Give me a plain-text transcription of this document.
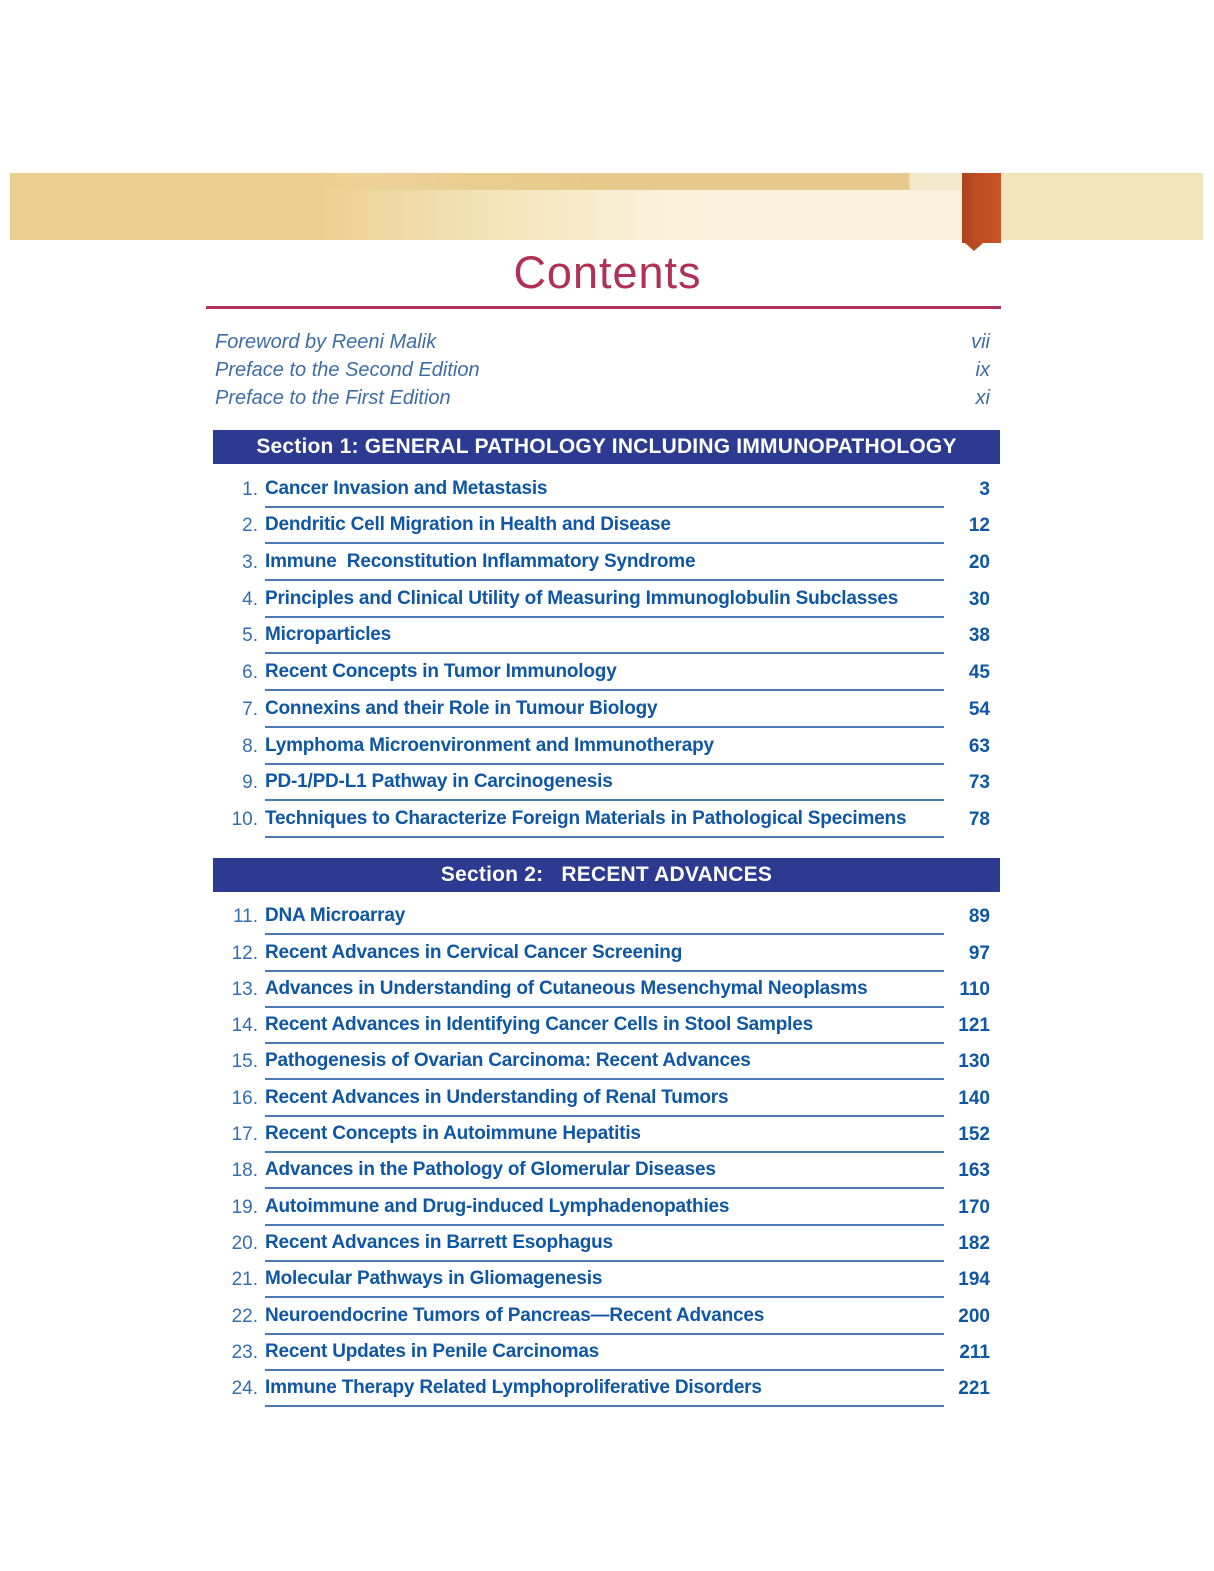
Contents
Foreword by Reeni Malik	vii
Preface to the Second Edition	ix
Preface to the First Edition	xi
Section 1: GENERAL PATHOLOGY INCLUDING IMMUNOPATHOLOGY
1. Cancer Invasion and Metastasis	3
2. Dendritic Cell Migration in Health and Disease	12
3. Immune  Reconstitution Inflammatory Syndrome	20
4. Principles and Clinical Utility of Measuring Immunoglobulin Subclasses	30
5. Microparticles	38
6. Recent Concepts in Tumor Immunology	45
7. Connexins and their Role in Tumour Biology	54
8. Lymphoma Microenvironment and Immunotherapy	63
9. PD-1/PD-L1 Pathway in Carcinogenesis	73
10. Techniques to Characterize Foreign Materials in Pathological Specimens	78
Section 2:   RECENT ADVANCES
11. DNA Microarray	89
12. Recent Advances in Cervical Cancer Screening	97
13. Advances in Understanding of Cutaneous Mesenchymal Neoplasms	110
14. Recent Advances in Identifying Cancer Cells in Stool Samples	121
15. Pathogenesis of Ovarian Carcinoma: Recent Advances	130
16. Recent Advances in Understanding of Renal Tumors	140
17. Recent Concepts in Autoimmune Hepatitis	152
18. Advances in the Pathology of Glomerular Diseases	163
19. Autoimmune and Drug-induced Lymphadenopathies	170
20. Recent Advances in Barrett Esophagus	182
21. Molecular Pathways in Gliomagenesis	194
22. Neuroendocrine Tumors of Pancreas—Recent Advances	200
23. Recent Updates in Penile Carcinomas	211
24. Immune Therapy Related Lymphoproliferative Disorders	221
